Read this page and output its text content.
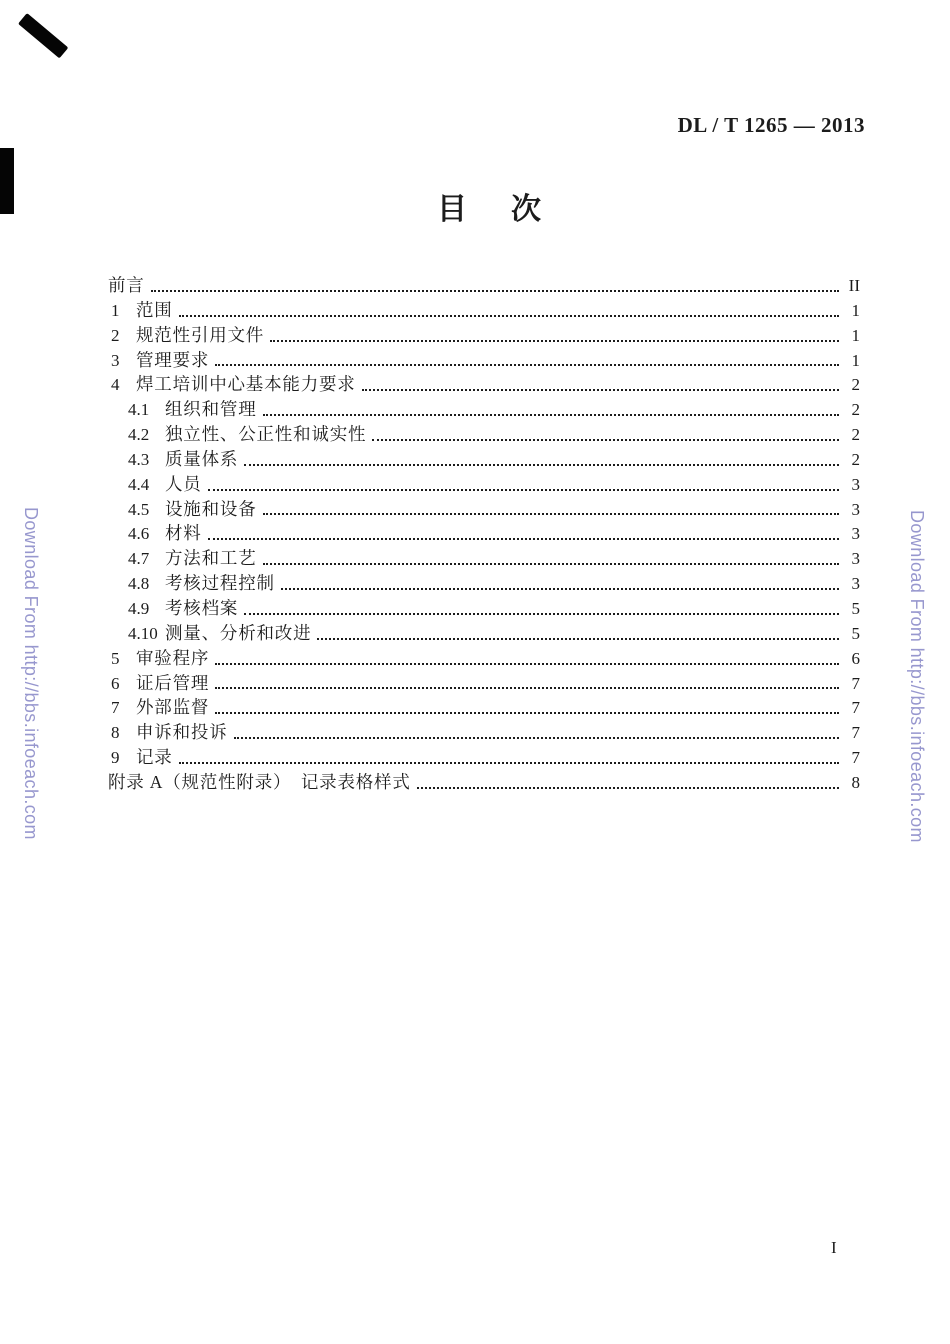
DL / T 1265 — 2013
目 次
前言	II
1 范围	1
2 规范性引用文件	1
3 管理要求	1
4 焊工培训中心基本能力要求	2
4.1 组织和管理	2
4.2 独立性、公正性和诚实性	2
4.3 质量体系	2
4.4 人员	3
4.5 设施和设备	3
4.6 材料	3
4.7 方法和工艺	3
4.8 考核过程控制	3
4.9 考核档案	5
4.10 测量、分析和改进	5
5 审验程序	6
6 证后管理	7
7 外部监督	7
8 申诉和投诉	7
9 记录	7
附录 A（规范性附录）　记录表格样式	8
I
Download From http://bbs.infoeach.com	Download From http://bbs.infoeach.com
